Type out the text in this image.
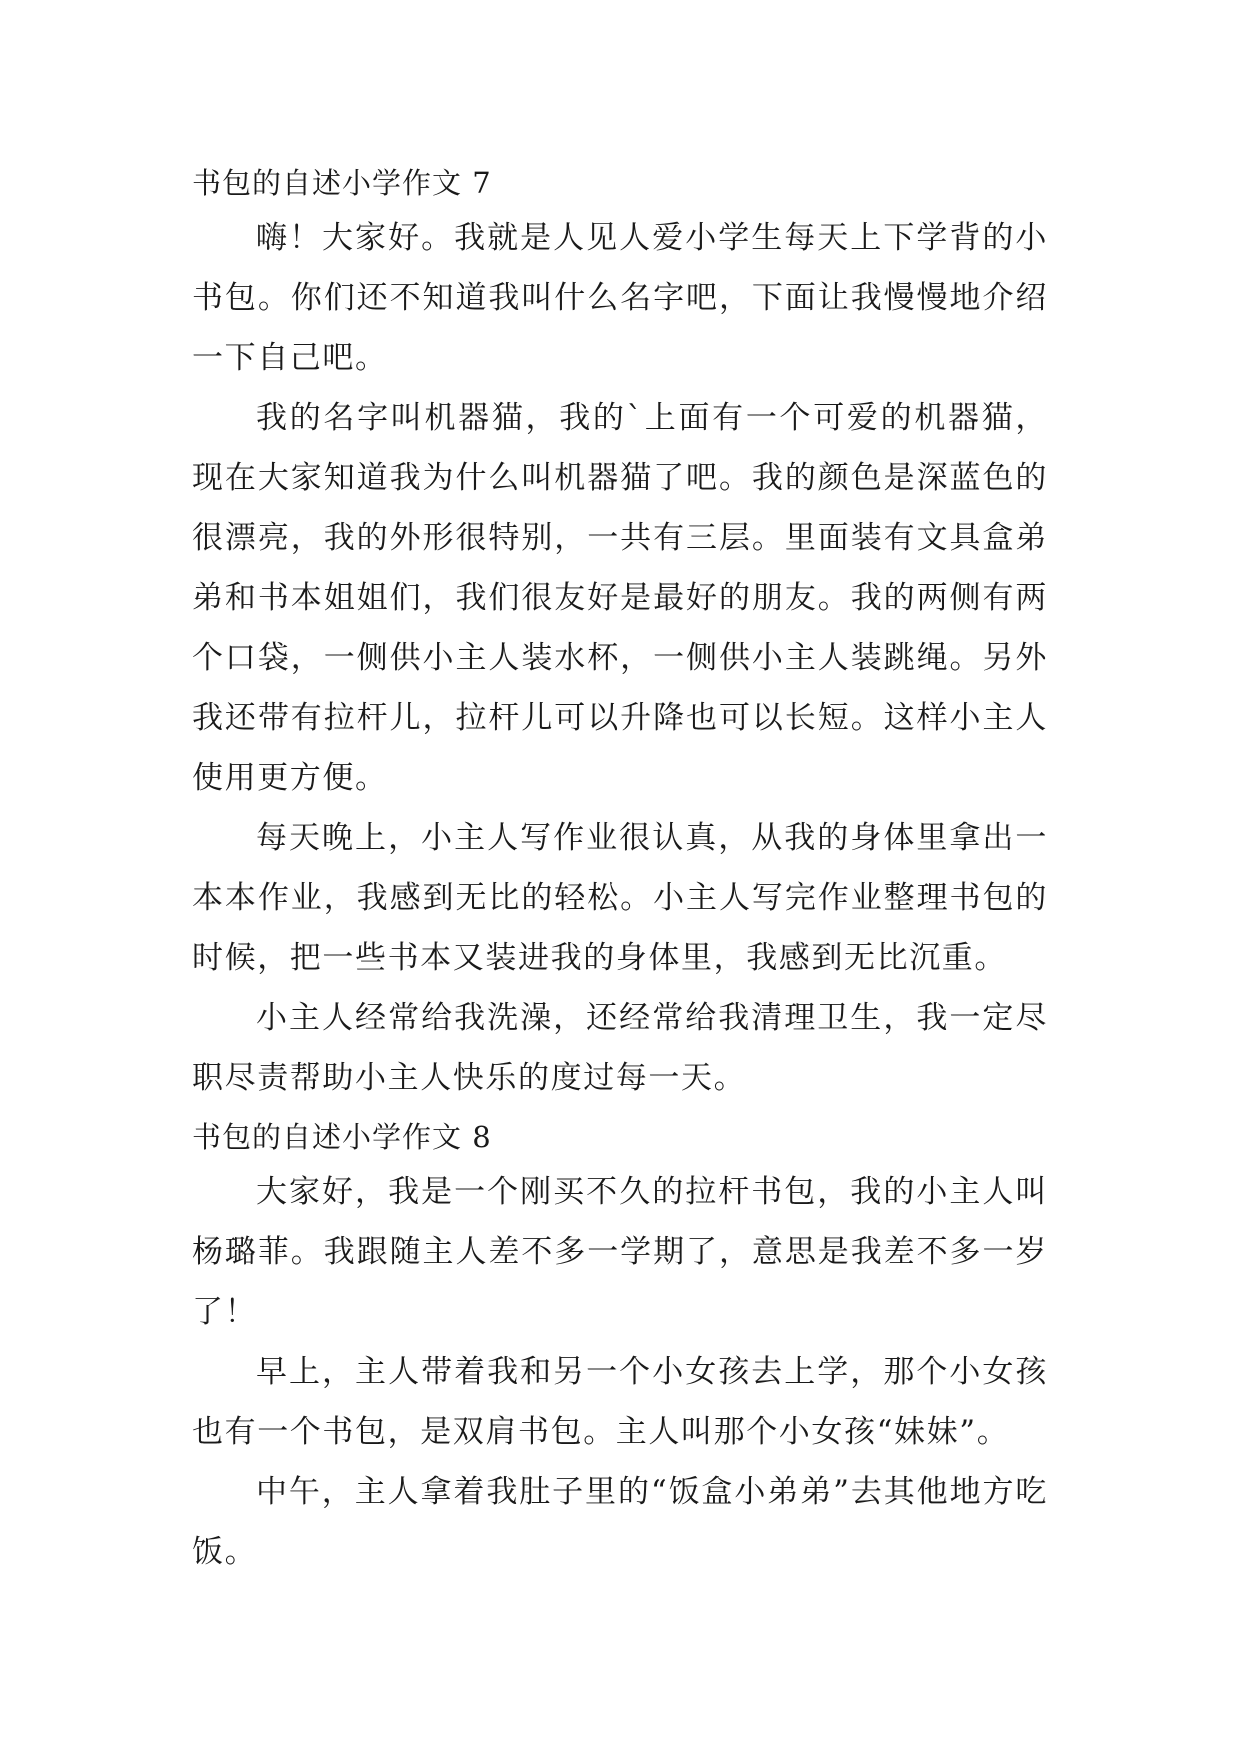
书包的自述小学作文 7

嗨！大家好。我就是人见人爱小学生每天上下学背的小书包。你们还不知道我叫什么名字吧，下面让我慢慢地介绍一下自己吧。

我的名字叫机器猫，我的`上面有一个可爱的机器猫，现在大家知道我为什么叫机器猫了吧。我的颜色是深蓝色的很漂亮，我的外形很特别，一共有三层。里面装有文具盒弟弟和书本姐姐们，我们很友好是最好的朋友。我的两侧有两个口袋，一侧供小主人装水杯，一侧供小主人装跳绳。另外我还带有拉杆儿，拉杆儿可以升降也可以长短。这样小主人使用更方便。

每天晚上，小主人写作业很认真，从我的身体里拿出一本本作业，我感到无比的轻松。小主人写完作业整理书包的时候，把一些书本又装进我的身体里，我感到无比沉重。

小主人经常给我洗澡，还经常给我清理卫生，我一定尽职尽责帮助小主人快乐的度过每一天。

书包的自述小学作文 8

大家好，我是一个刚买不久的拉杆书包，我的小主人叫杨璐菲。我跟随主人差不多一学期了，意思是我差不多一岁了！

早上，主人带着我和另一个小女孩去上学，那个小女孩也有一个书包，是双肩书包。主人叫那个小女孩“妹妹”。

中午，主人拿着我肚子里的“饭盒小弟弟”去其他地方吃饭。
